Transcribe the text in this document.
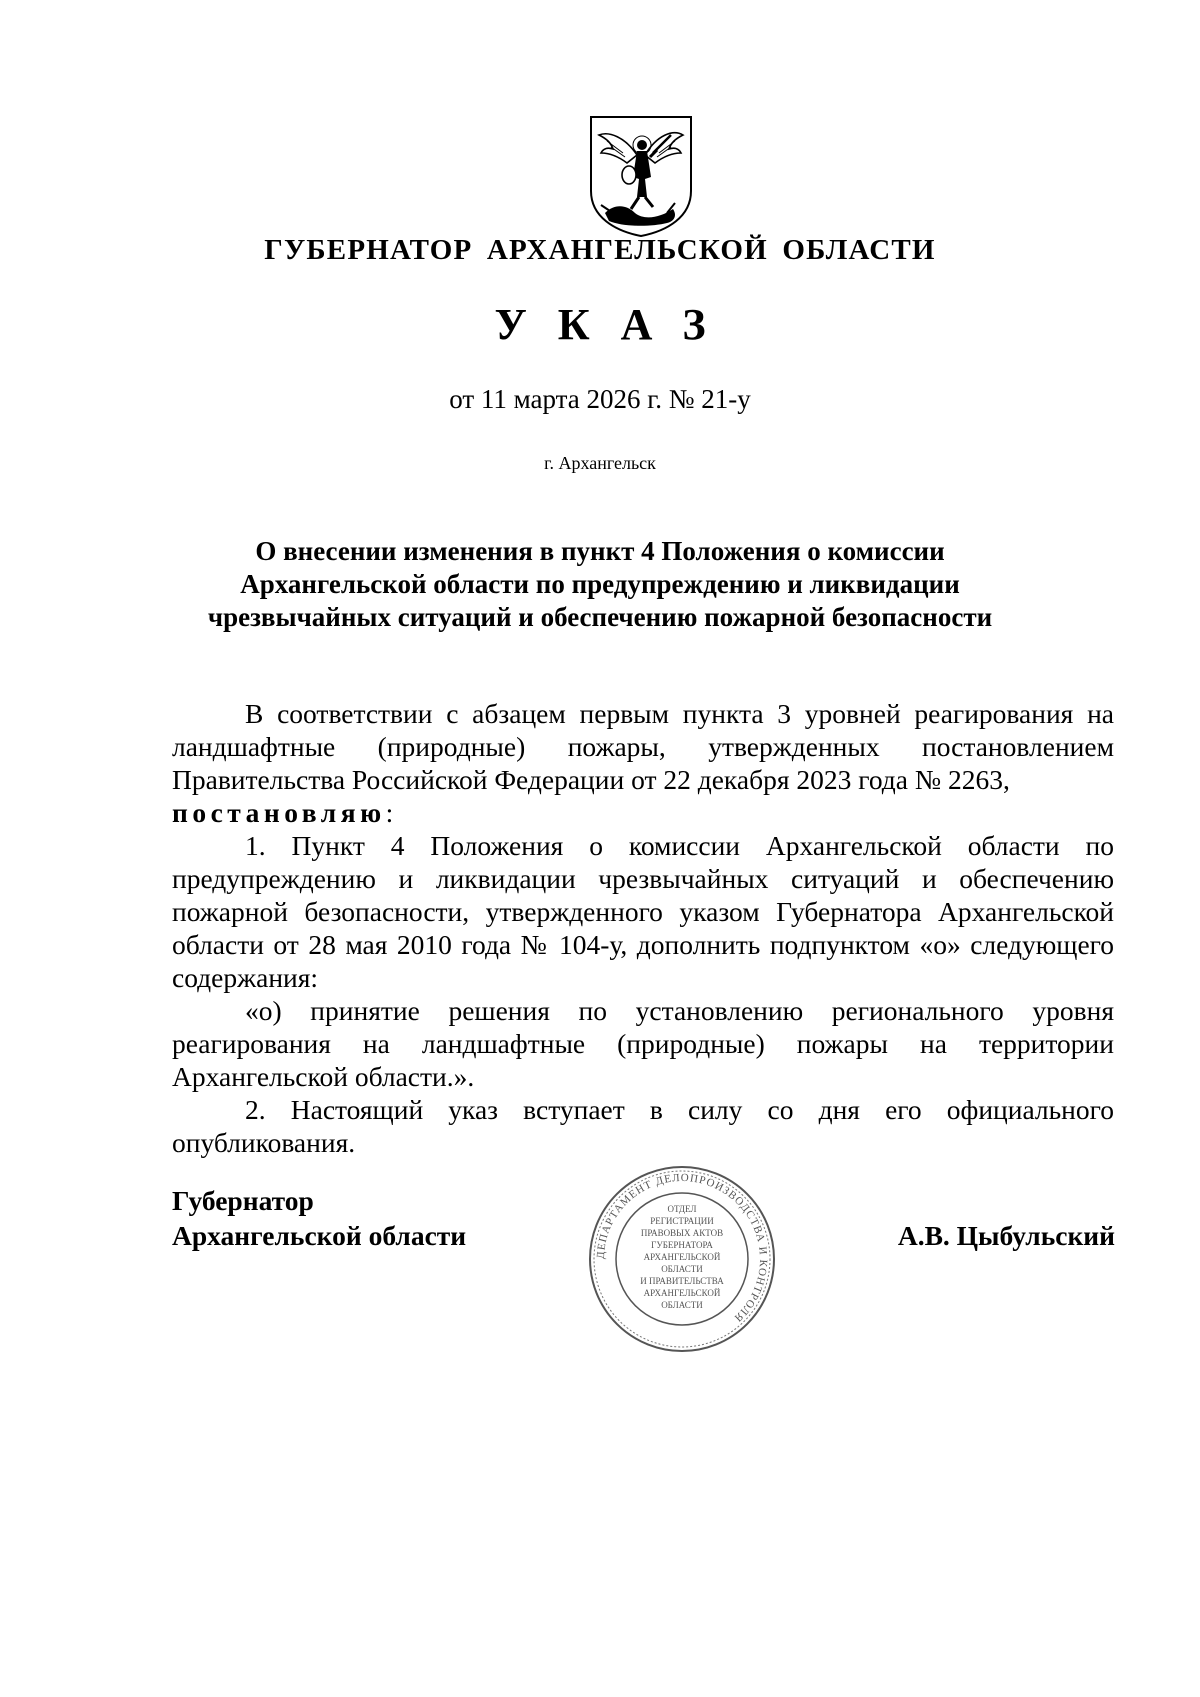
ГУБЕРНАТОР АРХАНГЕЛЬСКОЙ ОБЛАСТИ
УКАЗ
от 11 марта 2026 г. № 21-у
г. Архангельск
О внесении изменения в пункт 4 Положения о комиссии
Архангельской области по предупреждению и ликвидации
чрезвычайных ситуаций и обеспечению пожарной безопасности

В соответствии с абзацем первым пункта 3 уровней реагирования на ландшафтные (природные) пожары, утвержденных постановлением Правительства Российской Федерации от 22 декабря 2023 года № 2263,
постановляю:

1. Пункт 4 Положения о комиссии Архангельской области по предупреждению и ликвидации чрезвычайных ситуаций и обеспечению пожарной безопасности, утвержденного указом Губернатора Архангельской области от 28 мая 2010 года № 104-у, дополнить подпунктом «о» следующего содержания:

«о) принятие решения по установлению регионального уровня реагирования на ландшафтные (природные) пожары на территории Архангельской области.».

2. Настоящий указ вступает в силу со дня его официального опубликования.

Губернатор
Архангельской области
ДЕПАРТАМЕНТ ДЕЛОПРОИЗВОДСТВА И КОНТРОЛЯ
ОТДЕЛ
РЕГИСТРАЦИИ
ПРАВОВЫХ АКТОВ
ГУБЕРНАТОРА
АРХАНГЕЛЬСКОЙ
ОБЛАСТИ
И ПРАВИТЕЛЬСТВА
АРХАНГЕЛЬСКОЙ
ОБЛАСТИ
А.В. Цыбульский
